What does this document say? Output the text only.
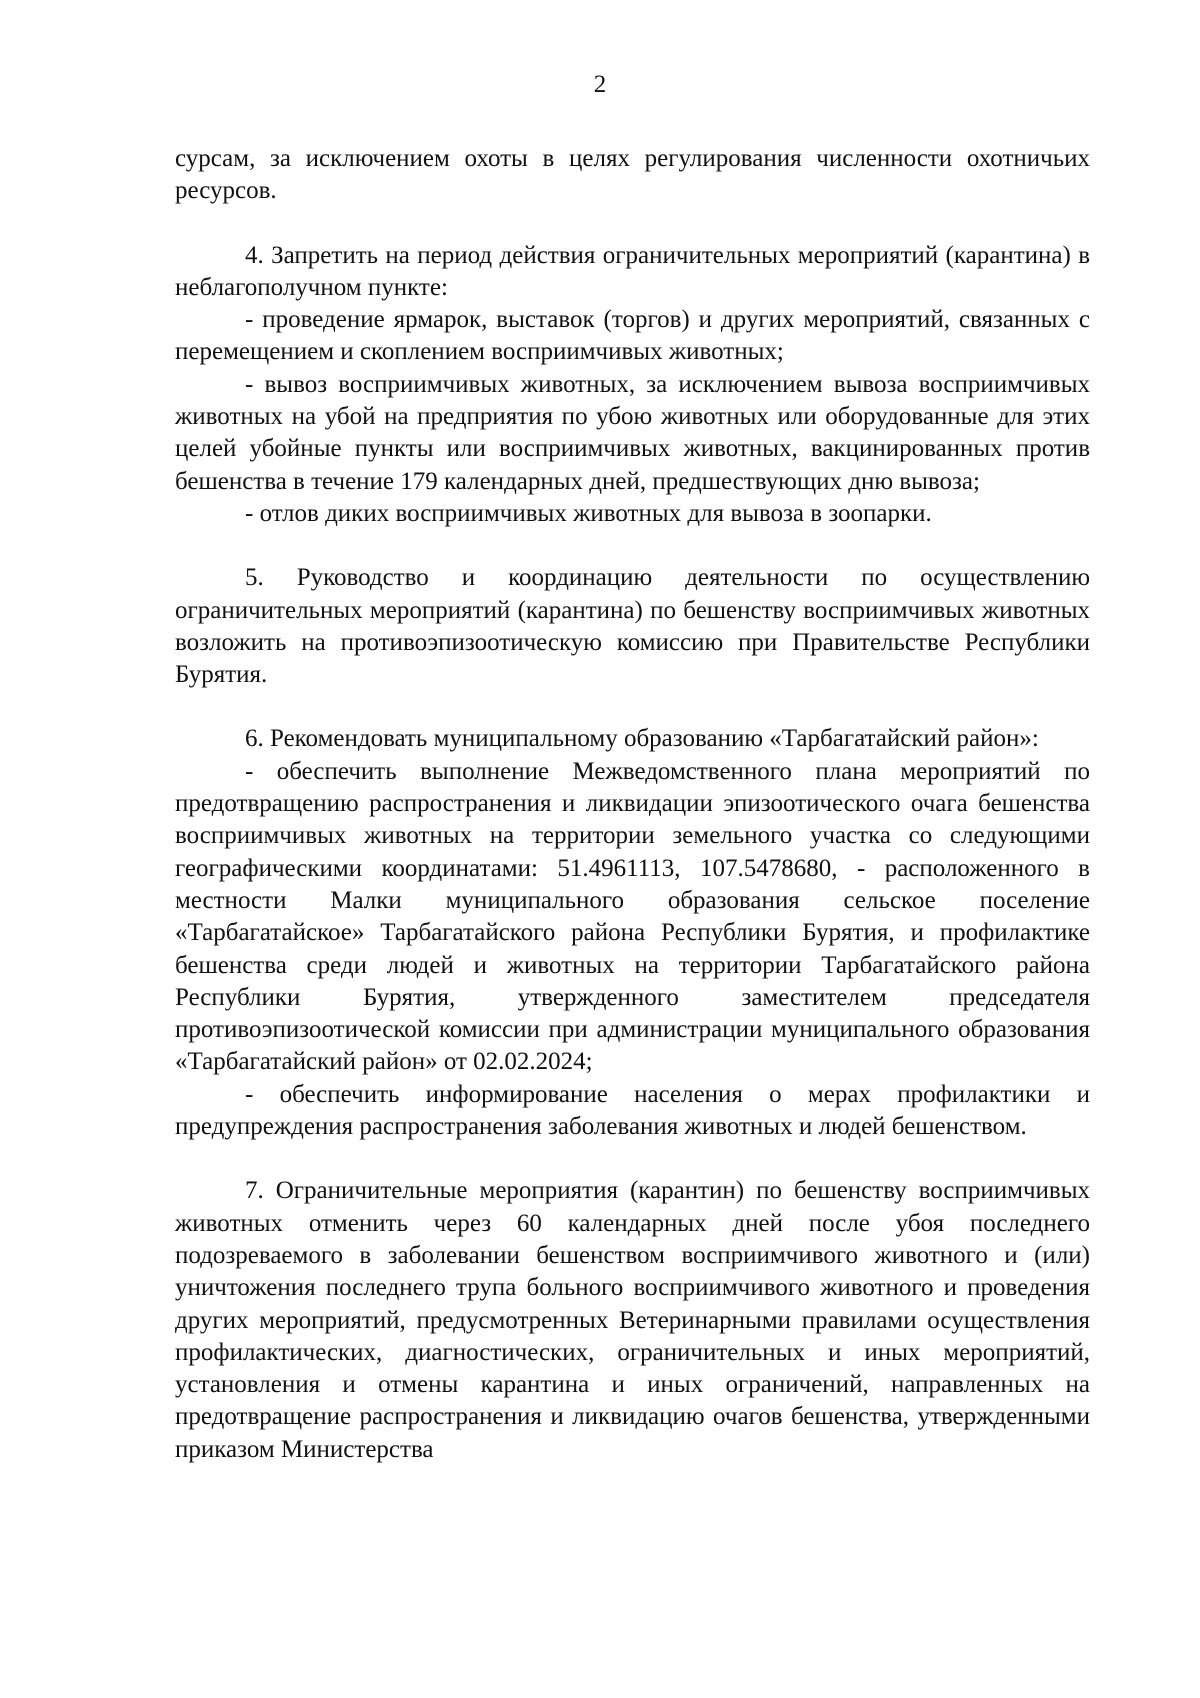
2

сурсам, за исключением охоты в целях регулирования численности охотничьих ресурсов.

4. Запретить на период действия ограничительных мероприятий (карантина) в неблагополучном пункте:

- проведение ярмарок, выставок (торгов) и других мероприятий, связанных с перемещением и скоплением восприимчивых животных;

- вывоз восприимчивых животных, за исключением вывоза восприимчивых животных на убой на предприятия по убою животных или оборудованные для этих целей убойные пункты или восприимчивых животных, вакцинированных против бешенства в течение 179 календарных дней, предшествующих дню вывоза;

- отлов диких восприимчивых животных для вывоза в зоопарки.

5. Руководство и координацию деятельности по осуществлению ограничительных мероприятий (карантина) по бешенству восприимчивых животных возложить на противоэпизоотическую комиссию при Правительстве Республики Бурятия.

6. Рекомендовать муниципальному образованию «Тарбагатайский район»:

- обеспечить выполнение Межведомственного плана мероприятий по предотвращению распространения и ликвидации эпизоотического очага бешенства восприимчивых животных на территории земельного участка со следующими географическими координатами: 51.4961113, 107.5478680, - расположенного в местности Малки муниципального образования сельское поселение «Тарбагатайское» Тарбагатайского района Республики Бурятия, и профилактике бешенства среди людей и животных на территории Тарбагатайского района Республики Бурятия, утвержденного заместителем председателя противоэпизоотической комиссии при администрации муниципального образования «Тарбагатайский район» от 02.02.2024;

- обеспечить информирование населения о мерах профилактики и предупреждения распространения заболевания животных и людей бешенством.

7. Ограничительные мероприятия (карантин) по бешенству восприимчивых животных отменить через 60 календарных дней после убоя последнего подозреваемого в заболевании бешенством восприимчивого животного и (или) уничтожения последнего трупа больного восприимчивого животного и проведения других мероприятий, предусмотренных Ветеринарными правилами осуществления профилактических, диагностических, ограничительных и иных мероприятий, установления и отмены карантина и иных ограничений, направленных на предотвращение распространения и ликвидацию очагов бешенства, утвержденными приказом Министерства
